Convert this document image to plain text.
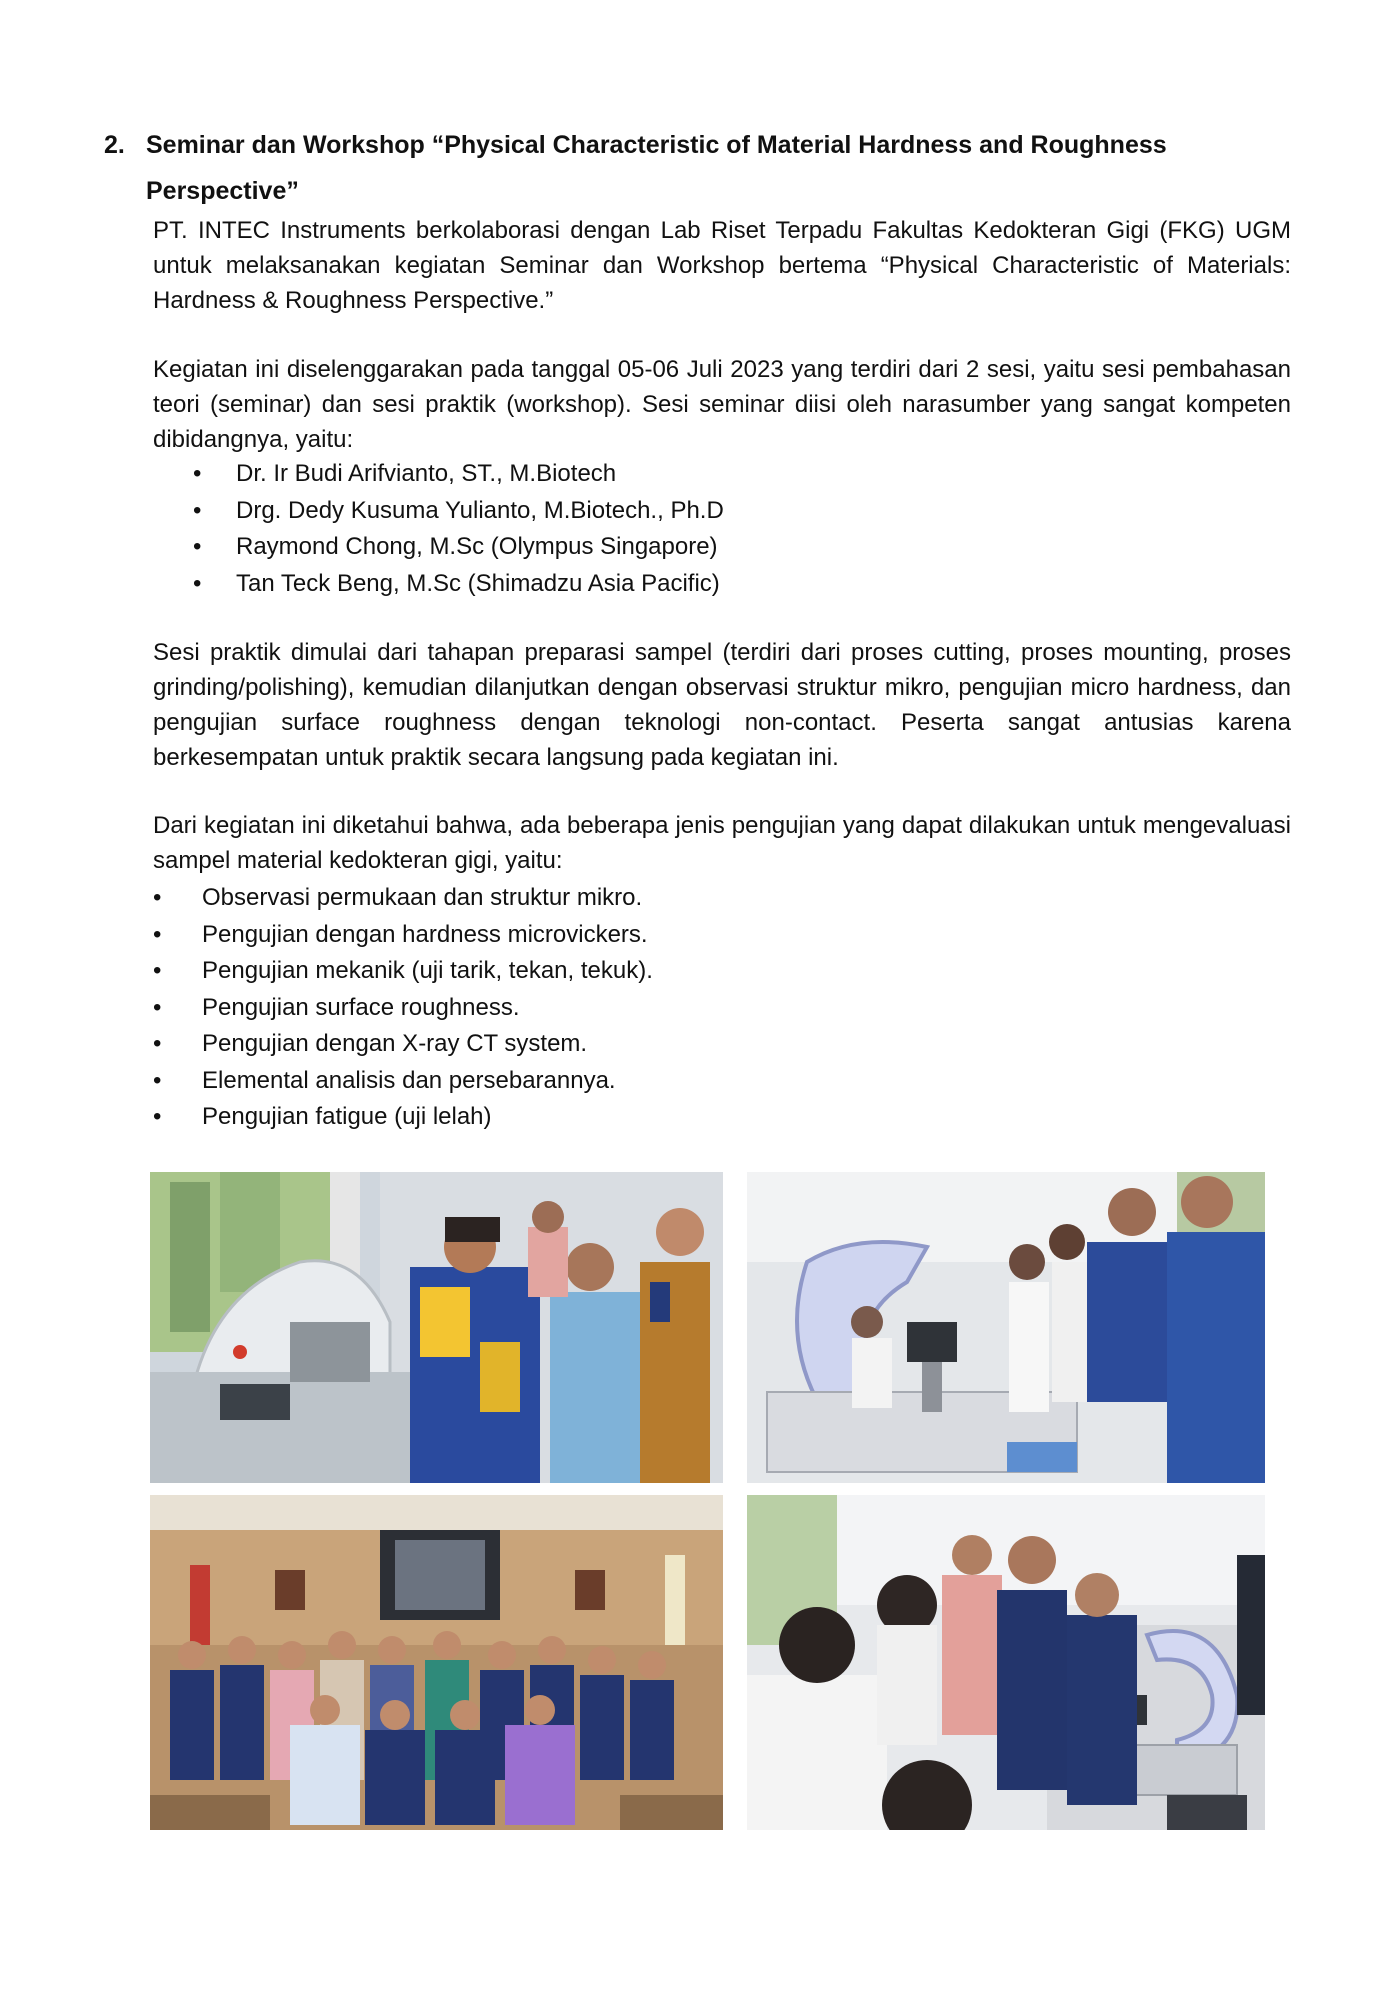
2. Seminar dan Workshop “Physical Characteristic of Material Hardness and Roughness Perspective”
PT. INTEC Instruments berkolaborasi dengan Lab Riset Terpadu Fakultas Kedokteran Gigi (FKG) UGM untuk melaksanakan kegiatan Seminar dan Workshop bertema “Physical Characteristic of Materials: Hardness & Roughness Perspective.”
Kegiatan ini diselenggarakan pada tanggal 05-06 Juli 2023 yang terdiri dari 2 sesi, yaitu sesi pembahasan teori (seminar) dan sesi praktik (workshop). Sesi seminar diisi oleh narasumber yang sangat kompeten dibidangnya, yaitu:
• Dr. Ir Budi Arifvianto, ST., M.Biotech
• Drg. Dedy Kusuma Yulianto, M.Biotech., Ph.D
• Raymond Chong, M.Sc (Olympus Singapore)
• Tan Teck Beng, M.Sc (Shimadzu Asia Pacific)
Sesi praktik dimulai dari tahapan preparasi sampel (terdiri dari proses cutting, proses mounting, proses grinding/polishing), kemudian dilanjutkan dengan observasi struktur mikro, pengujian micro hardness, dan pengujian surface roughness dengan teknologi non-contact. Peserta sangat antusias karena berkesempatan untuk praktik secara langsung pada kegiatan ini.
Dari kegiatan ini diketahui bahwa, ada beberapa jenis pengujian yang dapat dilakukan untuk mengevaluasi sampel material kedokteran gigi, yaitu:
• Observasi permukaan dan struktur mikro.
• Pengujian dengan hardness microvickers.
• Pengujian mekanik (uji tarik, tekan, tekuk).
• Pengujian surface roughness.
• Pengujian dengan X-ray CT system.
• Elemental analisis dan persebarannya.
• Pengujian fatigue (uji lelah)
